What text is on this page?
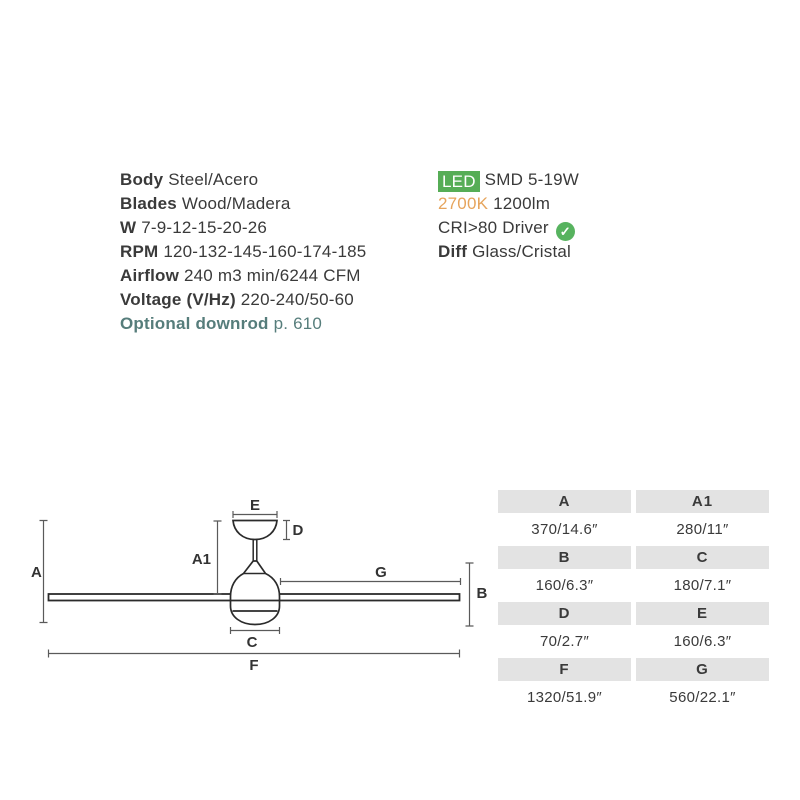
Body Steel/Acero
Blades Wood/Madera
W 7-9-12-15-20-26
RPM 120-132-145-160-174-185
Airflow 240 m3 min/6244 CFM
Voltage (V/Hz) 220-240/50-60
Optional downrod p. 610
LED SMD 5-19W
2700K 1200lm
CRI>80 Driver ✓
Diff Glass/Cristal
A
A1
E
D
G
B
C
F
A
370/14.6″
A1
280/11″
B
160/6.3″
C
180/7.1″
D
70/2.7″
E
160/6.3″
F
1320/51.9″
G
560/22.1″
